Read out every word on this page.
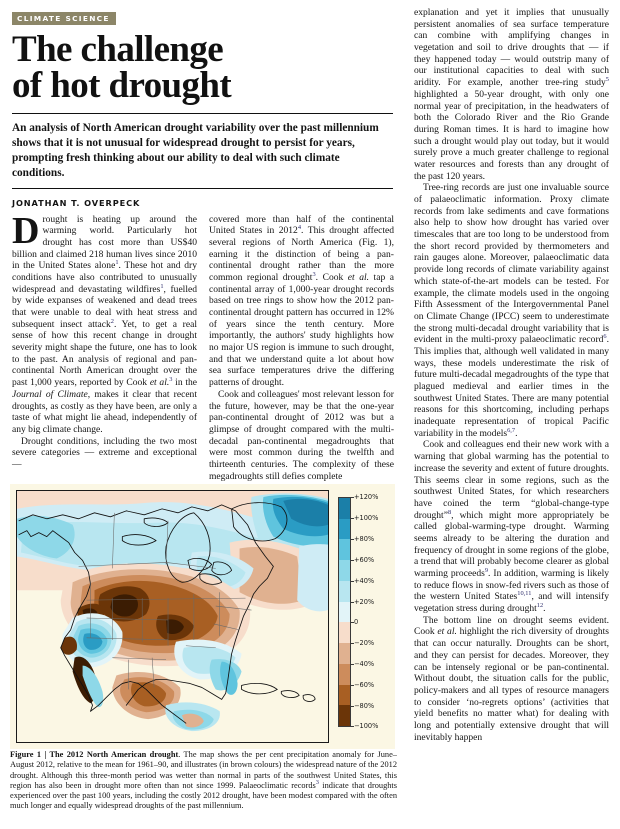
CLIMATE SCIENCE
The challenge
of hot drought
An analysis of North American drought variability over the past millennium shows that it is not unusual for widespread drought to persist for years, prompting fresh thinking about our ability to deal with such climate conditions.
JONATHAN T. OVERPECK

Drought is heating up around the warming world. Particularly hot drought has cost more than US$40 billion and claimed 218 human lives since 2010 in the United States alone$^1$. These hot and dry conditions have also contributed to unusually widespread and devastating wildfires$^1$, fuelled by wide expanses of weakened and dead trees that were unable to deal with heat stress and subsequent insect attack$^2$. Yet, to get a real sense of how this recent change in drought severity might shape the future, one has to look to the past. An analysis of regional and pan-continental North American drought over the past 1,000 years, reported by Cook et al.$^3$ in the Journal of Climate, makes it clear that recent droughts, as costly as they have been, are only a taste of what might lie ahead, independently of any big climate change.

Drought conditions, including the two most severe categories — extreme and exceptional —

covered more than half of the continental United States in 2012$^4$. This drought affected several regions of North America (Fig. 1), earning it the distinction of being a pan-continental drought rather than the more common regional drought$^3$. Cook et al. tap a continental array of 1,000-year drought records based on tree rings to show how the 2012 pan-continental drought pattern has occurred in 12% of years since the tenth century. More importantly, the authors' study highlights how no major US region is immune to such drought, and that we understand quite a lot about how sea surface temperatures drive the differing patterns of drought.

Cook and colleagues' most relevant lesson for the future, however, may be that the one-year pan-continental drought of 2012 was but a glimpse of drought compared with the multi-decadal pan-continental megadroughts that were most common during the twelfth and thirteenth centuries. The complexity of these megadroughts still defies complete

explanation and yet it implies that unusually persistent anomalies of sea surface temperature can combine with amplifying changes in vegetation and soil to drive droughts that — if they happened today — would outstrip many of our institutional capacities to deal with such aridity. For example, another tree-ring study$^5$ highlighted a 50-year drought, with only one normal year of precipitation, in the headwaters of both the Colorado River and the Rio Grande during Roman times. It is hard to imagine how such a drought would play out today, but it would surely prove a much greater challenge to regional water resources and forests than any drought of the past 120 years.

Tree-ring records are just one invaluable source of palaeoclimatic information. Proxy climate records from lake sediments and cave formations also help to show how drought has varied over timescales that are too long to be understood from the short record provided by thermometers and rain gauges alone. Moreover, palaeoclimatic data provide long records of climate variability against which state-of-the-art models can be tested. For example, the climate models used in the ongoing Fifth Assessment of the Intergovernmental Panel on Climate Change (IPCC) seem to underestimate the strong multi-decadal drought variability that is evident in the multi-proxy palaeoclimatic record$^6$. This implies that, although well validated in many ways, these models underestimate the risk of future multi-decadal megadroughts of the type that plagued medieval and earlier times in the southwest United States. There are many potential reasons for this shortcoming, including perhaps inadequate representation of tropical Pacific variability in the models$^{6,7}$.

Cook and colleagues end their new work with a warning that global warming has the potential to increase the severity and extent of future droughts. This seems clear in some regions, such as the southwest United States, for which researchers have coined the term “global-change-type drought”$^8$, which might more appropriately be called global-warming-type drought. Warming seems already to be altering the duration and frequency of drought in some regions of the globe, a trend that will probably become clearer as global warming proceeds$^9$. In addition, warming is likely to reduce flows in snow-fed rivers such as those of the western United States$^{10,11}$, and will intensify vegetation stress during drought$^{12}$.

The bottom line on drought seems evident. Cook et al. highlight the rich diversity of droughts that can occur naturally. Droughts can be short, and they can persist for decades. Moreover, they can be intensely regional or be pan-continental. Without doubt, the situation calls for the public, policy-makers and all types of resource managers to consider ‘no-regrets options’ (activities that yield benefits no matter what) for dealing with long and potentially extensive drought that will inevitably happen

+120%
+100%
+80%
+60%
+40%
+20%
0
−20%
−40%
−60%
−80%
−100%
Figure 1 | The 2012 North American drought. The map shows the per cent precipitation anomaly for June–August 2012, relative to the mean for 1961–90, and illustrates (in brown colours) the widespread nature of the 2012 drought. Although this three-month period was wetter than normal in parts of the southwest United States, this region has also been in drought more often than not since 1999. Palaeoclimatic records$^3$ indicate that droughts experienced over the past 100 years, including the costly 2012 drought, have been modest compared with the often much longer and equally widespread droughts of the past millennium.
